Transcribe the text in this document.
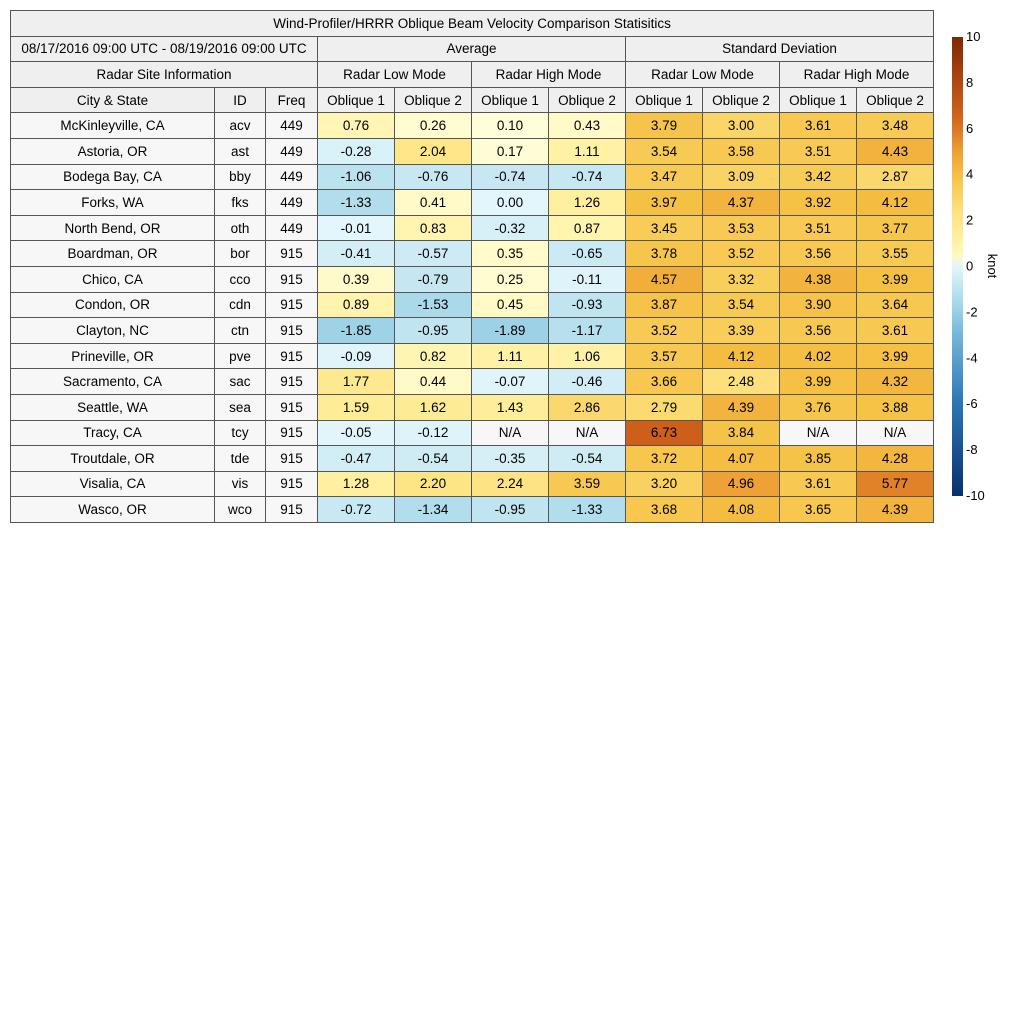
Wind-Profiler/HRRR Oblique Beam Velocity Comparison Statisitics										
08/17/2016 09:00 UTC - 08/19/2016 09:00 UTC			Average				Standard Deviation			
Radar Site Information			Radar Low Mode		Radar High Mode		Radar Low Mode		Radar High Mode	
City & State	ID	Freq	Oblique 1	Oblique 2	Oblique 1	Oblique 2	Oblique 1	Oblique 2	Oblique 1	Oblique 2
McKinleyville, CA	acv	449	0.76	0.26	0.10	0.43	3.79	3.00	3.61	3.48
Astoria, OR	ast	449	-0.28	2.04	0.17	1.11	3.54	3.58	3.51	4.43
Bodega Bay, CA	bby	449	-1.06	-0.76	-0.74	-0.74	3.47	3.09	3.42	2.87
Forks, WA	fks	449	-1.33	0.41	0.00	1.26	3.97	4.37	3.92	4.12
North Bend, OR	oth	449	-0.01	0.83	-0.32	0.87	3.45	3.53	3.51	3.77
Boardman, OR	bor	915	-0.41	-0.57	0.35	-0.65	3.78	3.52	3.56	3.55
Chico, CA	cco	915	0.39	-0.79	0.25	-0.11	4.57	3.32	4.38	3.99
Condon, OR	cdn	915	0.89	-1.53	0.45	-0.93	3.87	3.54	3.90	3.64
Clayton, NC	ctn	915	-1.85	-0.95	-1.89	-1.17	3.52	3.39	3.56	3.61
Prineville, OR	pve	915	-0.09	0.82	1.11	1.06	3.57	4.12	4.02	3.99
Sacramento, CA	sac	915	1.77	0.44	-0.07	-0.46	3.66	2.48	3.99	4.32
Seattle, WA	sea	915	1.59	1.62	1.43	2.86	2.79	4.39	3.76	3.88
Tracy, CA	tcy	915	-0.05	-0.12	N/A	N/A	6.73	3.84	N/A	N/A
Troutdale, OR	tde	915	-0.47	-0.54	-0.35	-0.54	3.72	4.07	3.85	4.28
Visalia, CA	vis	915	1.28	2.20	2.24	3.59	3.20	4.96	3.61	5.77
Wasco, OR	wco	915	-0.72	-1.34	-0.95	-1.33	3.68	4.08	3.65	4.39
10
8
6
4
2
0
-2
-4
-6
-8
-10
knot
